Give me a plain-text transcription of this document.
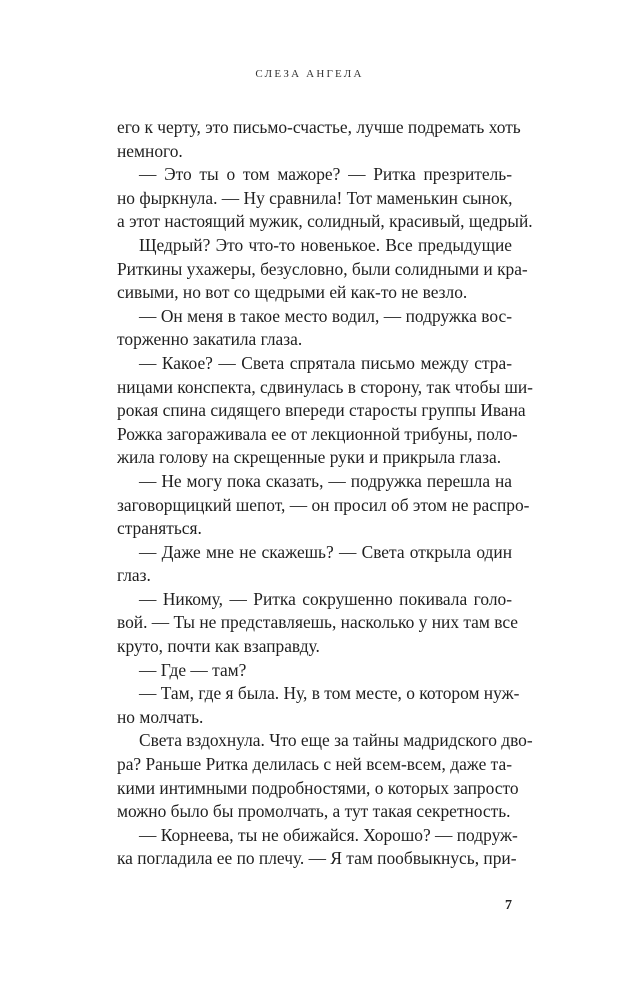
СЛЕЗА АНГЕЛА
его к черту, это письмо-счастье, лучше подремать хоть
немного.
— Это ты о том мажоре? — Ритка презритель-
но фыркнула. — Ну сравнила! Тот маменькин сынок,
а этот настоящий мужик, солидный, красивый, щедрый.
Щедрый? Это что-то новенькое. Все предыдущие
Риткины ухажеры, безусловно, были солидными и кра-
сивыми, но вот со щедрыми ей как-то не везло.
— Он меня в такое место водил, — подружка вос-
торженно закатила глаза.
— Какое? — Света спрятала письмо между стра-
ницами конспекта, сдвинулась в сторону, так чтобы ши-
рокая спина сидящего впереди старосты группы Ивана
Рожка загораживала ее от лекционной трибуны, поло-
жила голову на скрещенные руки и прикрыла глаза.
— Не могу пока сказать, — подружка перешла на
заговорщицкий шепот, — он просил об этом не распро-
страняться.
— Даже мне не скажешь? — Света открыла один
глаз.
— Никому, — Ритка сокрушенно покивала голо-
вой. — Ты не представляешь, насколько у них там все
круто, почти как взаправду.
— Где — там?
— Там, где я была. Ну, в том месте, о котором нуж-
но молчать.
Света вздохнула. Что еще за тайны мадридского дво-
ра? Раньше Ритка делилась с ней всем-всем, даже та-
кими интимными подробностями, о которых запросто
можно было бы промолчать, а тут такая секретность.
— Корнеева, ты не обижайся. Хорошо? — подруж-
ка погладила ее по плечу. — Я там пообвыкнусь, при-
7
